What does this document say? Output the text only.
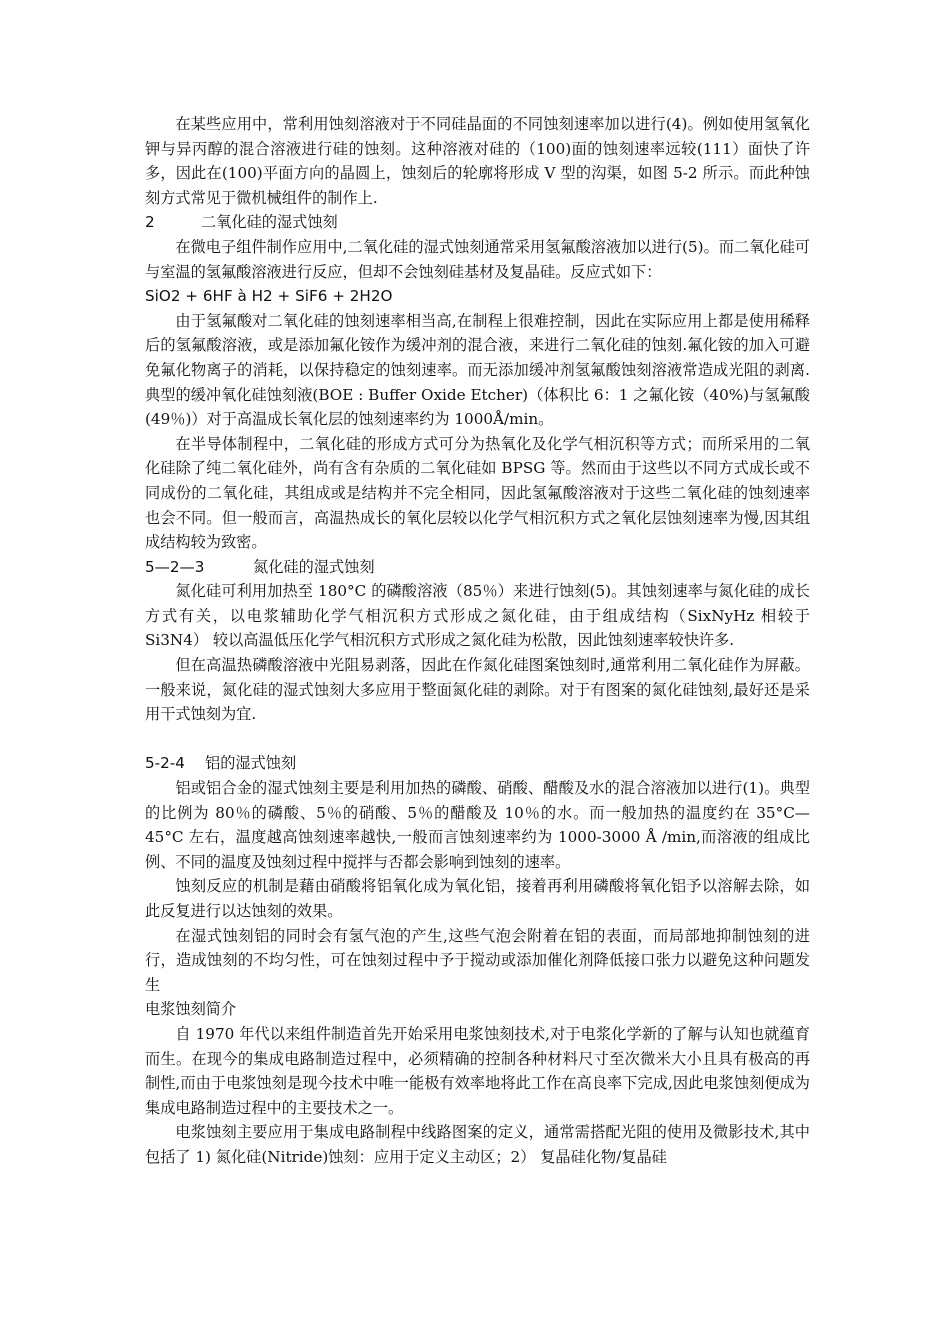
在某些应用中，常利用蚀刻溶液对于不同硅晶面的不同蚀刻速率加以进行(4)。例如使用氢氧化钾与异丙醇的混合溶液进行硅的蚀刻。这种溶液对硅的（100)面的蚀刻速率远较(111）面快了许多，因此在(100)平面方向的晶圆上，蚀刻后的轮廓将形成 V 型的沟渠，如图 5-2 所示。而此种蚀刻方式常见于微机械组件的制作上.

2	二氧化硅的湿式蚀刻

在微电子组件制作应用中,二氧化硅的湿式蚀刻通常采用氢氟酸溶液加以进行(5)。而二氧化硅可与室温的氢氟酸溶液进行反应，但却不会蚀刻硅基材及复晶硅。反应式如下：

SiO2 + 6HF à H2 + SiF6 + 2H2O

由于氢氟酸对二氧化硅的蚀刻速率相当高,在制程上很难控制，因此在实际应用上都是使用稀释后的氢氟酸溶液，或是添加氟化铵作为缓冲剂的混合液，来进行二氧化硅的蚀刻.氟化铵的加入可避免氟化物离子的消耗，以保持稳定的蚀刻速率。而无添加缓冲剂氢氟酸蚀刻溶液常造成光阻的剥离.典型的缓冲氧化硅蚀刻液(BOE : Buffer Oxide Etcher)（体积比 6：1 之氟化铵（40%)与氢氟酸(49％)）对于高温成长氧化层的蚀刻速率约为 1000Å/min。

在半导体制程中，二氧化硅的形成方式可分为热氧化及化学气相沉积等方式；而所采用的二氧化硅除了纯二氧化硅外，尚有含有杂质的二氧化硅如 BPSG 等。然而由于这些以不同方式成长或不同成份的二氧化硅，其组成或是结构并不完全相同，因此氢氟酸溶液对于这些二氧化硅的蚀刻速率也会不同。但一般而言，高温热成长的氧化层较以化学气相沉积方式之氧化层蚀刻速率为慢,因其组成结构较为致密。

5—2—3	氮化硅的湿式蚀刻

氮化硅可利用加热至 180°C 的磷酸溶液（85％）来进行蚀刻(5)。其蚀刻速率与氮化硅的成长方式有关，以电浆辅助化学气相沉积方式形成之氮化硅，由于组成结构（SixNyHz 相较于 Si3N4） 较以高温低压化学气相沉积方式形成之氮化硅为松散，因此蚀刻速率较快许多.

但在高温热磷酸溶液中光阻易剥落，因此在作氮化硅图案蚀刻时,通常利用二氧化硅作为屏蔽。一般来说，氮化硅的湿式蚀刻大多应用于整面氮化硅的剥除。对于有图案的氮化硅蚀刻,最好还是采用干式蚀刻为宜.

5-2-4	铝的湿式蚀刻

铝或铝合金的湿式蚀刻主要是利用加热的磷酸、硝酸、醋酸及水的混合溶液加以进行(1)。典型的比例为 80％的磷酸、5％的硝酸、5％的醋酸及 10％的水。而一般加热的温度约在 35°C—45°C 左右，温度越高蚀刻速率越快,一般而言蚀刻速率约为 1000-3000 Å /min,而溶液的组成比例、不同的温度及蚀刻过程中搅拌与否都会影响到蚀刻的速率。

蚀刻反应的机制是藉由硝酸将铝氧化成为氧化铝，接着再利用磷酸将氧化铝予以溶解去除，如此反复进行以达蚀刻的效果。

在湿式蚀刻铝的同时会有氢气泡的产生,这些气泡会附着在铝的表面，而局部地抑制蚀刻的进行，造成蚀刻的不均匀性，可在蚀刻过程中予于搅动或添加催化剂降低接口张力以避免这种问题发生

电浆蚀刻简介

自 1970 年代以来组件制造首先开始采用电浆蚀刻技术,对于电浆化学新的了解与认知也就蕴育而生。在现今的集成电路制造过程中，必须精确的控制各种材料尺寸至次微米大小且具有极高的再制性,而由于电浆蚀刻是现今技术中唯一能极有效率地将此工作在高良率下完成,因此电浆蚀刻便成为集成电路制造过程中的主要技术之一。

电浆蚀刻主要应用于集成电路制程中线路图案的定义，通常需搭配光阻的使用及微影技术,其中包括了 1) 氮化硅(Nitride)蚀刻：应用于定义主动区；2） 复晶硅化物/复晶硅
